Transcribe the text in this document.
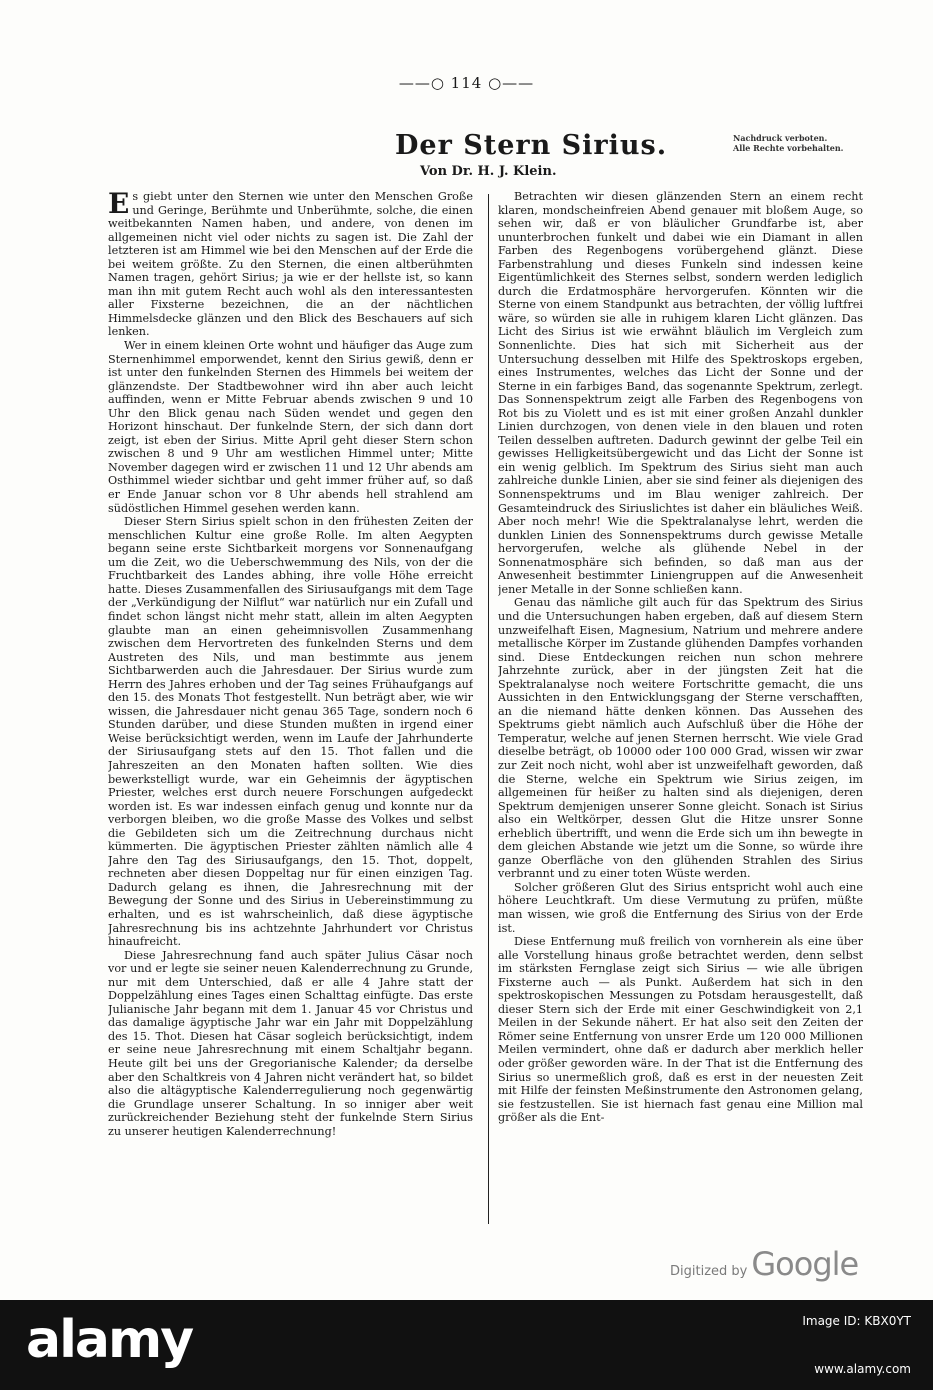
——○ 114 ○——
Der Stern Sirius.	Nachdruck verboten.
Alle Rechte vorbehalten.
Von Dr. H. J. Klein.

Es giebt unter den Sternen wie unter den Menschen Große und Geringe, Berühmte und Unberühmte, solche, die einen weitbekannten Namen haben, und andere, von denen im allgemeinen nicht viel oder nichts zu sagen ist. Die Zahl der letzteren ist am Himmel wie bei den Menschen auf der Erde die bei weitem größte. Zu den Sternen, die einen altberühmten Namen tragen, gehört Sirius; ja wie er der hellste ist, so kann man ihn mit gutem Recht auch wohl als den interessantesten aller Fixsterne bezeichnen, die an der nächtlichen Himmelsdecke glänzen und den Blick des Beschauers auf sich lenken.

Wer in einem kleinen Orte wohnt und häufiger das Auge zum Sternenhimmel emporwendet, kennt den Sirius gewiß, denn er ist unter den funkelnden Sternen des Himmels bei weitem der glänzendste. Der Stadtbewohner wird ihn aber auch leicht auffinden, wenn er Mitte Februar abends zwischen 9 und 10 Uhr den Blick genau nach Süden wendet und gegen den Horizont hinschaut. Der funkelnde Stern, der sich dann dort zeigt, ist eben der Sirius. Mitte April geht dieser Stern schon zwischen 8 und 9 Uhr am westlichen Himmel unter; Mitte November dagegen wird er zwischen 11 und 12 Uhr abends am Osthimmel wieder sichtbar und geht immer früher auf, so daß er Ende Januar schon vor 8 Uhr abends hell strahlend am südöstlichen Himmel gesehen werden kann.

Dieser Stern Sirius spielt schon in den frühesten Zeiten der menschlichen Kultur eine große Rolle. Im alten Aegypten begann seine erste Sichtbarkeit morgens vor Sonnenaufgang um die Zeit, wo die Ueberschwemmung des Nils, von der die Fruchtbarkeit des Landes abhing, ihre volle Höhe erreicht hatte. Dieses Zusammenfallen des Siriusaufgangs mit dem Tage der „Verkündigung der Nilflut“ war natürlich nur ein Zufall und findet schon längst nicht mehr statt, allein im alten Aegypten glaubte man an einen geheimnisvollen Zusammenhang zwischen dem Hervortreten des funkelnden Sterns und dem Austreten des Nils, und man bestimmte aus jenem Sichtbarwerden auch die Jahresdauer. Der Sirius wurde zum Herrn des Jahres erhoben und der Tag seines Frühaufgangs auf den 15. des Monats Thot festgestellt. Nun beträgt aber, wie wir wissen, die Jahresdauer nicht genau 365 Tage, sondern noch 6 Stunden darüber, und diese Stunden mußten in irgend einer Weise berücksichtigt werden, wenn im Laufe der Jahrhunderte der Siriusaufgang stets auf den 15. Thot fallen und die Jahreszeiten an den Monaten haften sollten. Wie dies bewerkstelligt wurde, war ein Geheimnis der ägyptischen Priester, welches erst durch neuere Forschungen aufgedeckt worden ist. Es war indessen einfach genug und konnte nur da verborgen bleiben, wo die große Masse des Volkes und selbst die Gebildeten sich um die Zeitrechnung durchaus nicht kümmerten. Die ägyptischen Priester zählten nämlich alle 4 Jahre den Tag des Siriusaufgangs, den 15. Thot, doppelt, rechneten aber diesen Doppeltag nur für einen einzigen Tag. Dadurch gelang es ihnen, die Jahresrechnung mit der Bewegung der Sonne und des Sirius in Uebereinstimmung zu erhalten, und es ist wahrscheinlich, daß diese ägyptische Jahresrechnung bis ins achtzehnte Jahrhundert vor Christus hinaufreicht.

Diese Jahresrechnung fand auch später Julius Cäsar noch vor und er legte sie seiner neuen Kalenderrechnung zu Grunde, nur mit dem Unterschied, daß er alle 4 Jahre statt der Doppelzählung eines Tages einen Schalttag einfügte. Das erste Julianische Jahr begann mit dem 1. Januar 45 vor Christus und das damalige ägyptische Jahr war ein Jahr mit Doppelzählung des 15. Thot. Diesen hat Cäsar sogleich berücksichtigt, indem er seine neue Jahresrechnung mit einem Schaltjahr begann. Heute gilt bei uns der Gregorianische Kalender; da derselbe aber den Schaltkreis von 4 Jahren nicht verändert hat, so bildet also die altägyptische Kalenderregulierung noch gegenwärtig die Grundlage unserer Schaltung. In so inniger aber weit zurückreichender Beziehung steht der funkelnde Stern Sirius zu unserer heutigen Kalenderrechnung!

Betrachten wir diesen glänzenden Stern an einem recht klaren, mondscheinfreien Abend genauer mit bloßem Auge, so sehen wir, daß er von bläulicher Grundfarbe ist, aber ununterbrochen funkelt und dabei wie ein Diamant in allen Farben des Regenbogens vorübergehend glänzt. Diese Farbenstrahlung und dieses Funkeln sind indessen keine Eigentümlichkeit des Sternes selbst, sondern werden lediglich durch die Erdatmosphäre hervorgerufen. Könnten wir die Sterne von einem Standpunkt aus betrachten, der völlig luftfrei wäre, so würden sie alle in ruhigem klaren Licht glänzen. Das Licht des Sirius ist wie erwähnt bläulich im Vergleich zum Sonnenlichte. Dies hat sich mit Sicherheit aus der Untersuchung desselben mit Hilfe des Spektroskops ergeben, eines Instrumentes, welches das Licht der Sonne und der Sterne in ein farbiges Band, das sogenannte Spektrum, zerlegt. Das Sonnenspektrum zeigt alle Farben des Regenbogens von Rot bis zu Violett und es ist mit einer großen Anzahl dunkler Linien durchzogen, von denen viele in den blauen und roten Teilen desselben auftreten. Dadurch gewinnt der gelbe Teil ein gewisses Helligkeitsübergewicht und das Licht der Sonne ist ein wenig gelblich. Im Spektrum des Sirius sieht man auch zahlreiche dunkle Linien, aber sie sind feiner als diejenigen des Sonnenspektrums und im Blau weniger zahlreich. Der Gesamteindruck des Siriuslichtes ist daher ein bläuliches Weiß. Aber noch mehr! Wie die Spektralanalyse lehrt, werden die dunklen Linien des Sonnenspektrums durch gewisse Metalle hervorgerufen, welche als glühende Nebel in der Sonnenatmosphäre sich befinden, so daß man aus der Anwesenheit bestimmter Liniengruppen auf die Anwesenheit jener Metalle in der Sonne schließen kann.

Genau das nämliche gilt auch für das Spektrum des Sirius und die Untersuchungen haben ergeben, daß auf diesem Stern unzweifelhaft Eisen, Magnesium, Natrium und mehrere andere metallische Körper im Zustande glühenden Dampfes vorhanden sind. Diese Entdeckungen reichen nun schon mehrere Jahrzehnte zurück, aber in der jüngsten Zeit hat die Spektralanalyse noch weitere Fortschritte gemacht, die uns Aussichten in den Entwicklungsgang der Sterne verschafften, an die niemand hätte denken können. Das Aussehen des Spektrums giebt nämlich auch Aufschluß über die Höhe der Temperatur, welche auf jenen Sternen herrscht. Wie viele Grad dieselbe beträgt, ob 10000 oder 100 000 Grad, wissen wir zwar zur Zeit noch nicht, wohl aber ist unzweifelhaft geworden, daß die Sterne, welche ein Spektrum wie Sirius zeigen, im allgemeinen für heißer zu halten sind als diejenigen, deren Spektrum demjenigen unserer Sonne gleicht. Sonach ist Sirius also ein Weltkörper, dessen Glut die Hitze unsrer Sonne erheblich übertrifft, und wenn die Erde sich um ihn bewegte in dem gleichen Abstande wie jetzt um die Sonne, so würde ihre ganze Oberfläche von den glühenden Strahlen des Sirius verbrannt und zu einer toten Wüste werden.

Solcher größeren Glut des Sirius entspricht wohl auch eine höhere Leuchtkraft. Um diese Vermutung zu prüfen, müßte man wissen, wie groß die Entfernung des Sirius von der Erde ist.

Diese Entfernung muß freilich von vornherein als eine über alle Vorstellung hinaus große betrachtet werden, denn selbst im stärksten Fernglase zeigt sich Sirius — wie alle übrigen Fixsterne auch — als Punkt. Außerdem hat sich in den spektroskopischen Messungen zu Potsdam herausgestellt, daß dieser Stern sich der Erde mit einer Geschwindigkeit von 2,1 Meilen in der Sekunde nähert. Er hat also seit den Zeiten der Römer seine Entfernung von unsrer Erde um 120 000 Millionen Meilen vermindert, ohne daß er dadurch aber merklich heller oder größer geworden wäre. In der That ist die Entfernung des Sirius so unermeßlich groß, daß es erst in der neuesten Zeit mit Hilfe der feinsten Meßinstrumente den Astronomen gelang, sie festzustellen. Sie ist hiernach fast genau eine Million mal größer als die Ent-

Digitized by Google
alamy	Image ID: KBX0YT
www.alamy.com
